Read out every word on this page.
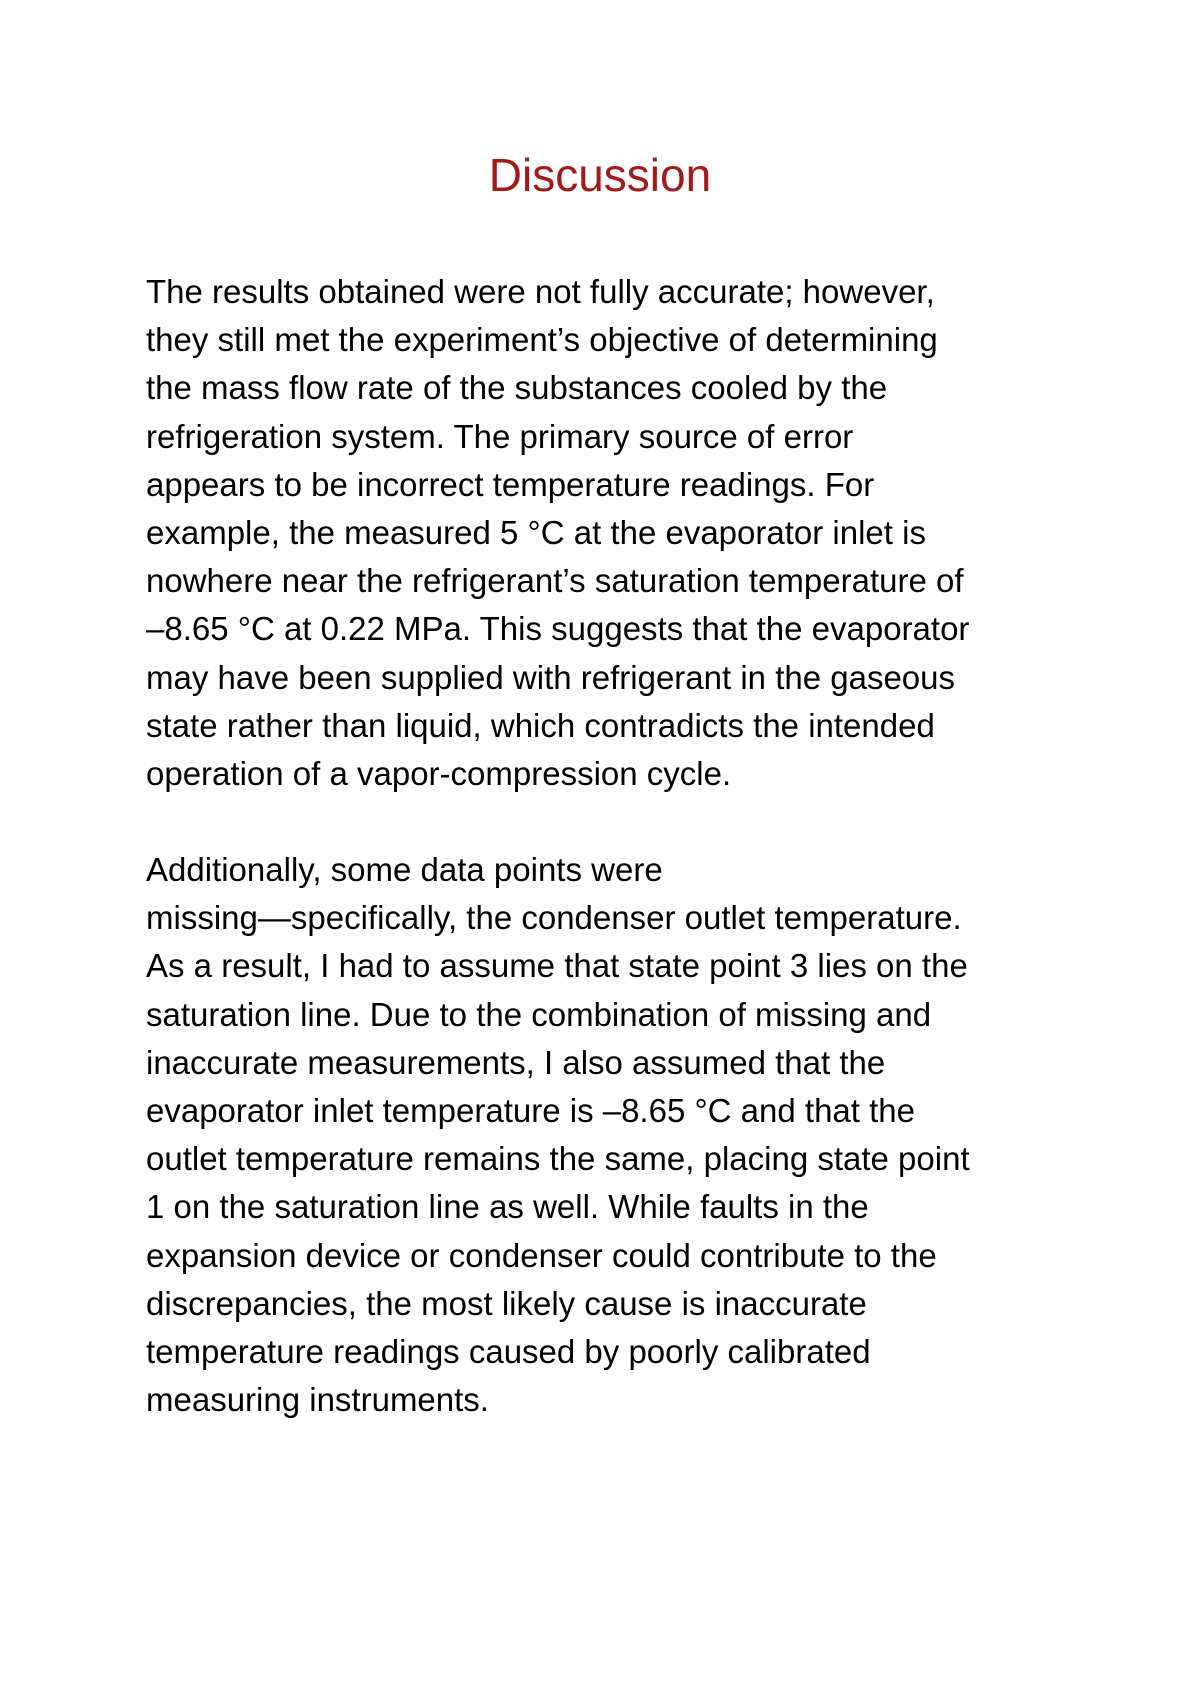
Discussion

The results obtained were not fully accurate; however,
they still met the experiment’s objective of determining
the mass flow rate of the substances cooled by the
refrigeration system. The primary source of error
appears to be incorrect temperature readings. For
example, the measured 5 °C at the evaporator inlet is
nowhere near the refrigerant’s saturation temperature of
–8.65 °C at 0.22 MPa. This suggests that the evaporator
may have been supplied with refrigerant in the gaseous
state rather than liquid, which contradicts the intended
operation of a vapor-compression cycle.

Additionally, some data points were
missing—specifically, the condenser outlet temperature.
As a result, I had to assume that state point 3 lies on the
saturation line. Due to the combination of missing and
inaccurate measurements, I also assumed that the
evaporator inlet temperature is –8.65 °C and that the
outlet temperature remains the same, placing state point
1 on the saturation line as well. While faults in the
expansion device or condenser could contribute to the
discrepancies, the most likely cause is inaccurate
temperature readings caused by poorly calibrated
measuring instruments.
